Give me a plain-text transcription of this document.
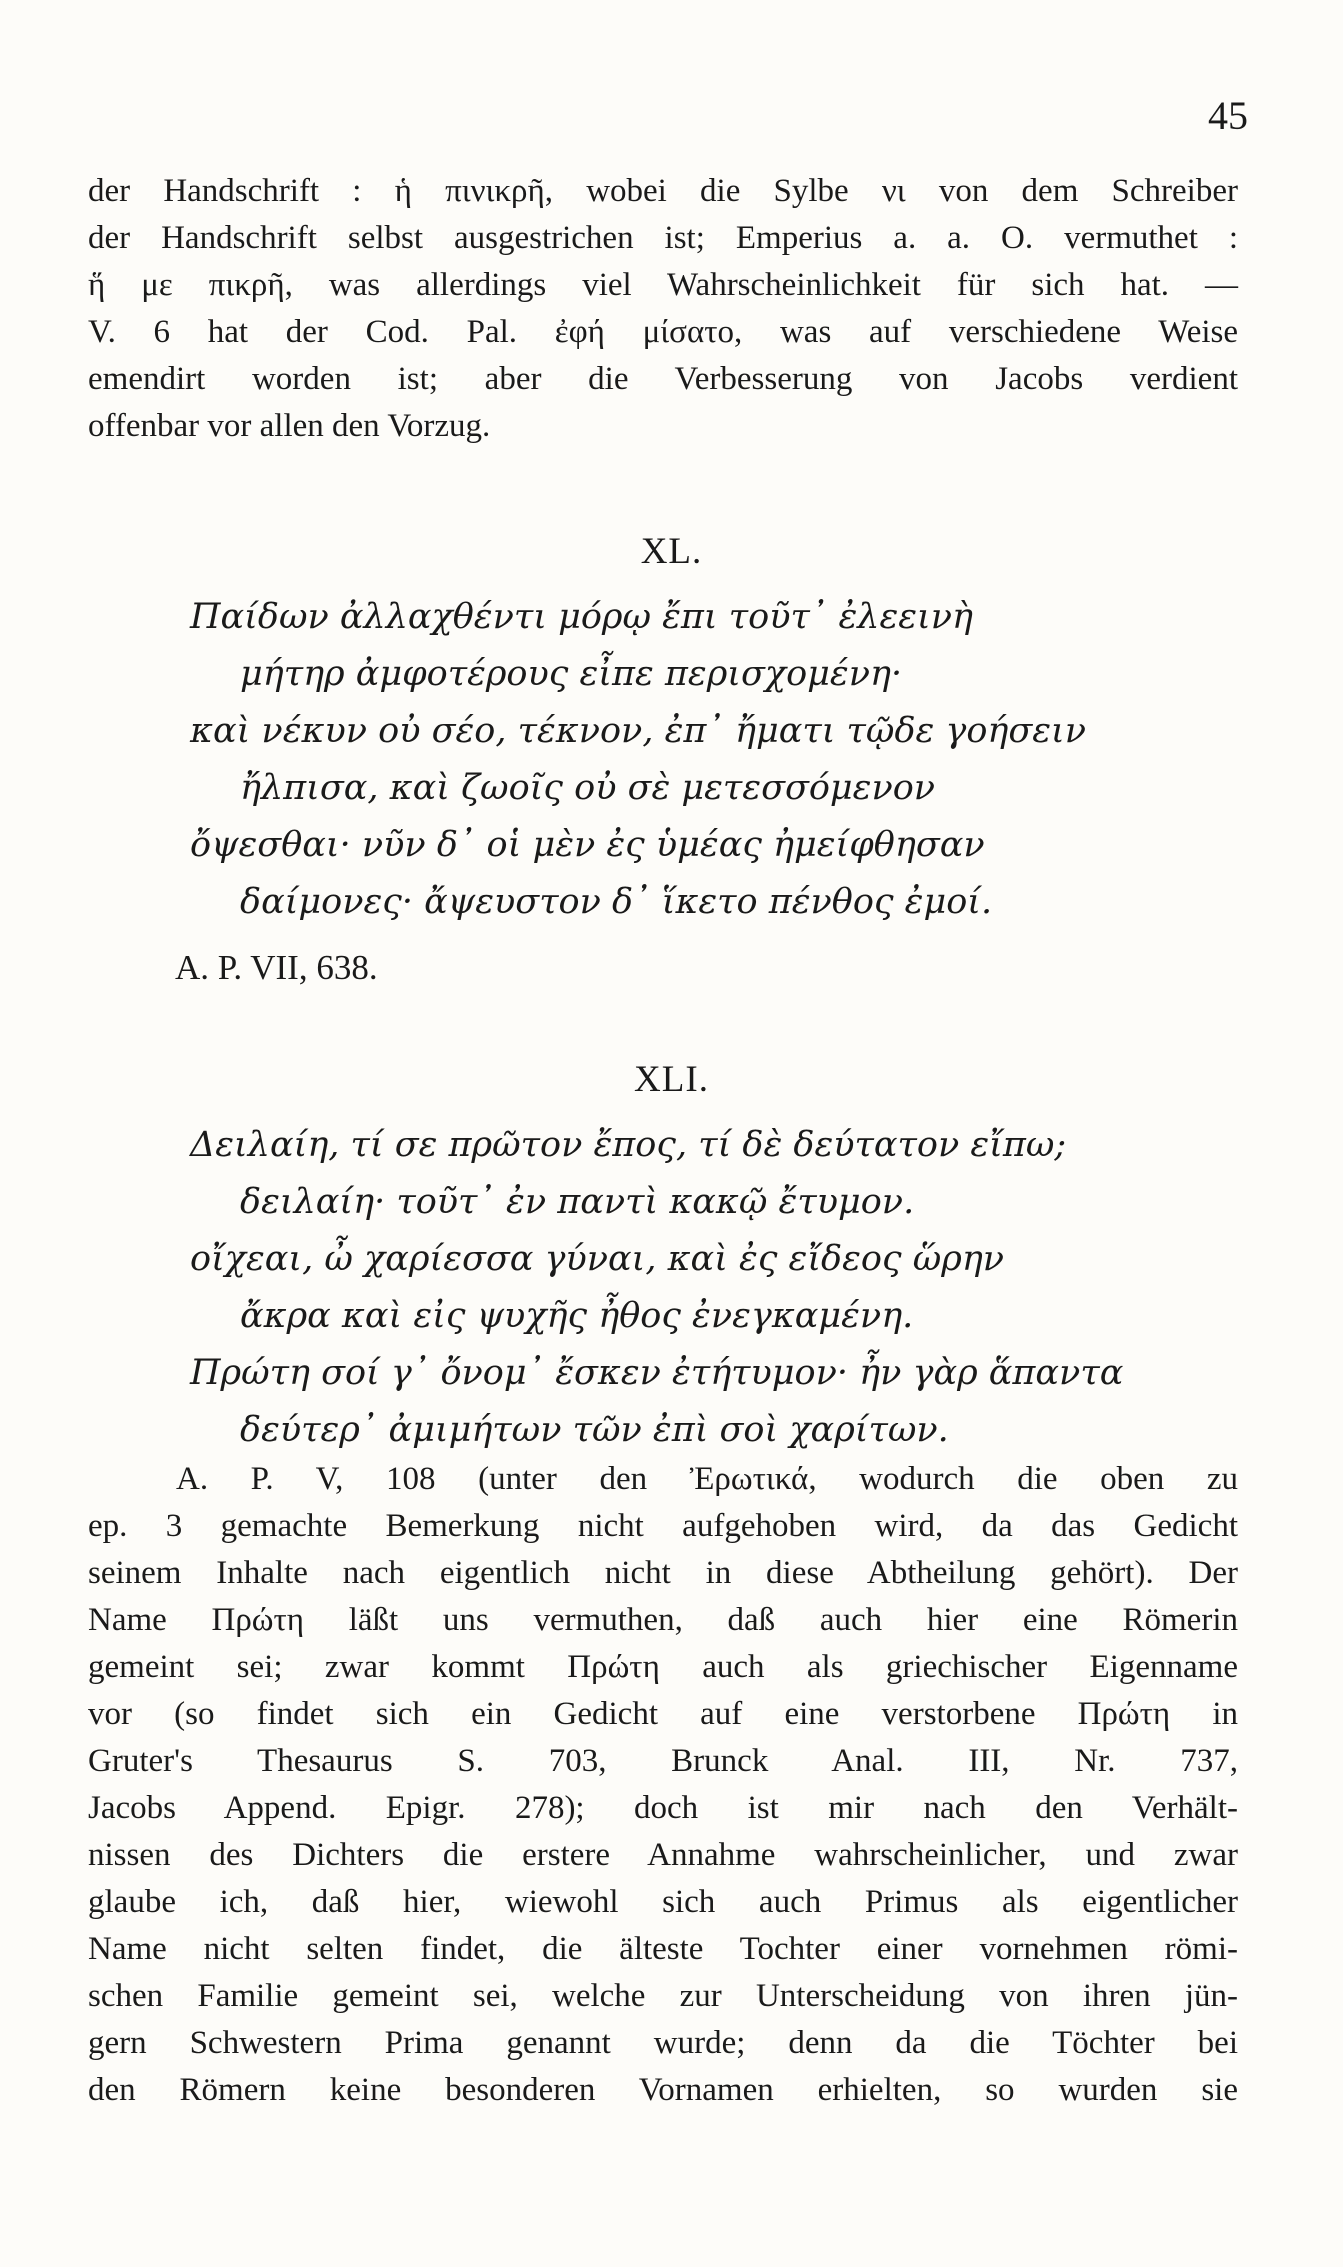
45
der Handschrift : ἡ πινικρῆ, wobei die Sylbe νι von dem Schreiber
der Handschrift selbst ausgestrichen ist; Emperius a. a. O. vermuthet :
ἥ με πικρῆ, was allerdings viel Wahrscheinlichkeit für sich hat. —
V. 6 hat der Cod. Pal. ἐφή μίσατο, was auf verschiedene Weise
emendirt worden ist; aber die Verbesserung von Jacobs verdient
offenbar vor allen den Vorzug.
XL.
Παίδων ἀλλαχθέντι μόρῳ ἔπι τοῦτ᾽ ἐλεεινὴ
μήτηρ ἀμφοτέρους εἶπε περισχομένη·
καὶ νέκυν οὐ σέο, τέκνον, ἐπ᾽ ἤματι τῷδε γοήσειν
ἤλπισα, καὶ ζωοῖς οὐ σὲ μετεσσόμενον
ὄψεσθαι· νῦν δ᾽ οἱ μὲν ἐς ὑμέας ἠμείφθησαν
δαίμονες· ἄψευστον δ᾽ ἵκετο πένθος ἐμοί.
A. P. VII, 638.
XLI.
Δειλαίη, τί σε πρῶτον ἔπος, τί δὲ δεύτατον εἴπω;
δειλαίη· τοῦτ᾽ ἐν παντὶ κακῷ ἔτυμον.
οἴχεαι, ὦ χαρίεσσα γύναι, καὶ ἐς εἴδεος ὥρην
ἄκρα καὶ εἰς ψυχῆς ἦθος ἐνεγκαμένη.
Πρώτη σοί γ᾽ ὄνομ᾽ ἔσκεν ἐτήτυμον· ἦν γὰρ ἅπαντα
δεύτερ᾽ ἀμιμήτων τῶν ἐπὶ σοὶ χαρίτων.
A. P. V, 108 (unter den Ἐρωτικά, wodurch die oben zu
ep. 3 gemachte Bemerkung nicht aufgehoben wird, da das Gedicht
seinem Inhalte nach eigentlich nicht in diese Abtheilung gehört). Der
Name Πρώτη läßt uns vermuthen, daß auch hier eine Römerin
gemeint sei; zwar kommt Πρώτη auch als griechischer Eigenname
vor (so findet sich ein Gedicht auf eine verstorbene Πρώτη in
Gruter's Thesaurus S. 703, Brunck Anal. III, Nr. 737,
Jacobs Append. Epigr. 278); doch ist mir nach den Verhält-
nissen des Dichters die erstere Annahme wahrscheinlicher, und zwar
glaube ich, daß hier, wiewohl sich auch Primus als eigentlicher
Name nicht selten findet, die älteste Tochter einer vornehmen römi-
schen Familie gemeint sei, welche zur Unterscheidung von ihren jün-
gern Schwestern Prima genannt wurde; denn da die Töchter bei
den Römern keine besonderen Vornamen erhielten, so wurden sie
